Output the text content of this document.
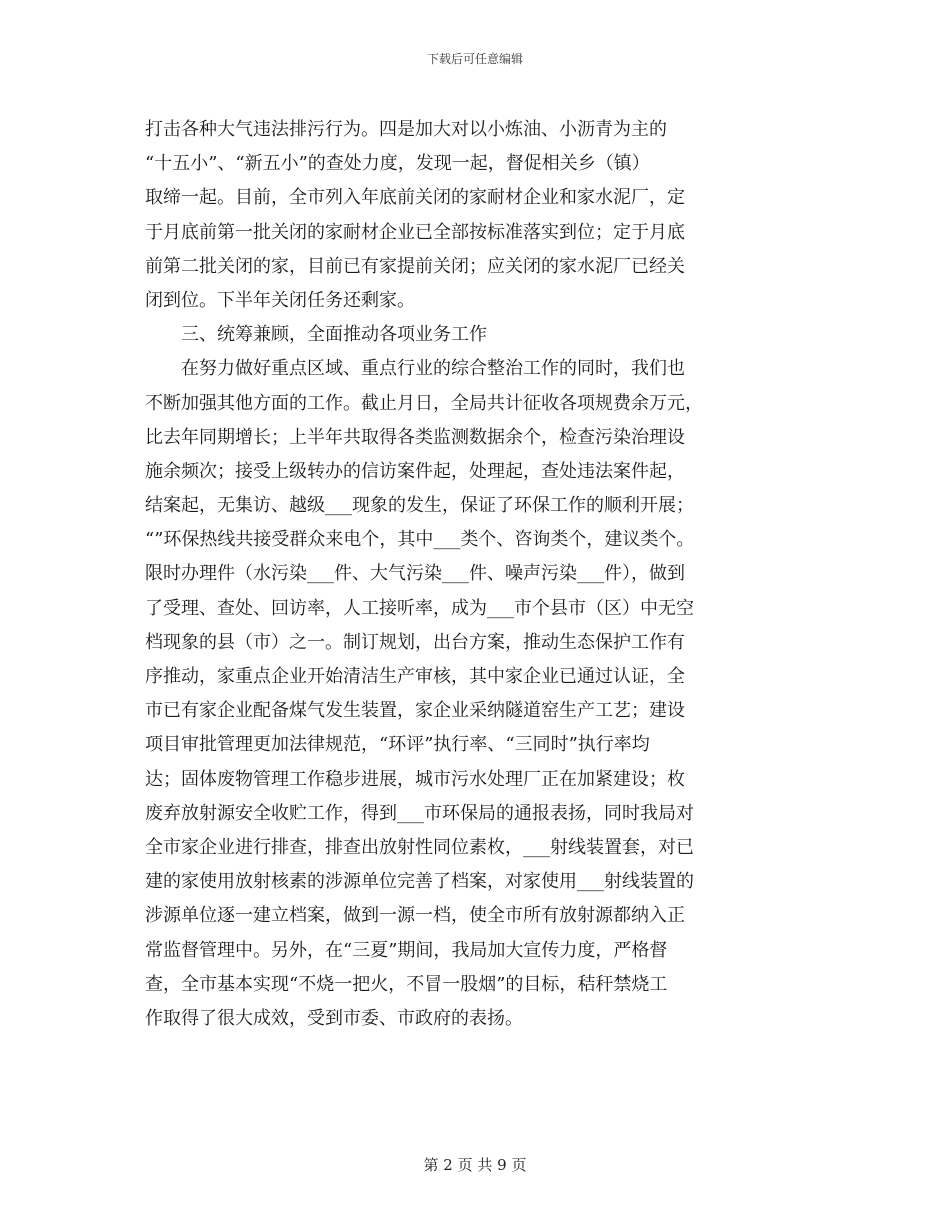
下载后可任意编辑
打击各种大气违法排污行为。四是加大对以小炼油、小沥青为主的
“十五小”、“新五小”的查处力度，发现一起，督促相关乡（镇）
取缔一起。目前，全市列入年底前关闭的家耐材企业和家水泥厂，定
于月底前第一批关闭的家耐材企业已全部按标准落实到位；定于月底
前第二批关闭的家，目前已有家提前关闭；应关闭的家水泥厂已经关
闭到位。下半年关闭任务还剩家。
三、统筹兼顾，全面推动各项业务工作
在努力做好重点区域、重点行业的综合整治工作的同时，我们也
不断加强其他方面的工作。截止月日，全局共计征收各项规费余万元，
比去年同期增长；上半年共取得各类监测数据余个，检查污染治理设
施余频次；接受上级转办的信访案件起，处理起，查处违法案件起，
结案起，无集访、越级___现象的发生，保证了环保工作的顺利开展；
“”环保热线共接受群众来电个，其中___类个、咨询类个，建议类个。
限时办理件（水污染___件、大气污染___件、噪声污染___件），做到
了受理、查处、回访率，人工接听率，成为___市个县市（区）中无空
档现象的县（市）之一。制订规划，出台方案，推动生态保护工作有
序推动，家重点企业开始清洁生产审核，其中家企业已通过认证，全
市已有家企业配备煤气发生装置，家企业采纳隧道窑生产工艺；建设
项目审批管理更加法律规范，“环评”执行率、“三同时”执行率均
达；固体废物管理工作稳步进展，城市污水处理厂正在加紧建设；枚
废弃放射源安全收贮工作，得到___市环保局的通报表扬，同时我局对
全市家企业进行排查，排查出放射性同位素枚，___射线装置套，对已
建的家使用放射核素的涉源单位完善了档案，对家使用___射线装置的
涉源单位逐一建立档案，做到一源一档，使全市所有放射源都纳入正
常监督管理中。另外，在“三夏”期间，我局加大宣传力度，严格督
查，全市基本实现“不烧一把火，不冒一股烟”的目标，秸秆禁烧工
作取得了很大成效，受到市委、市政府的表扬。
第 2 页 共 9 页
